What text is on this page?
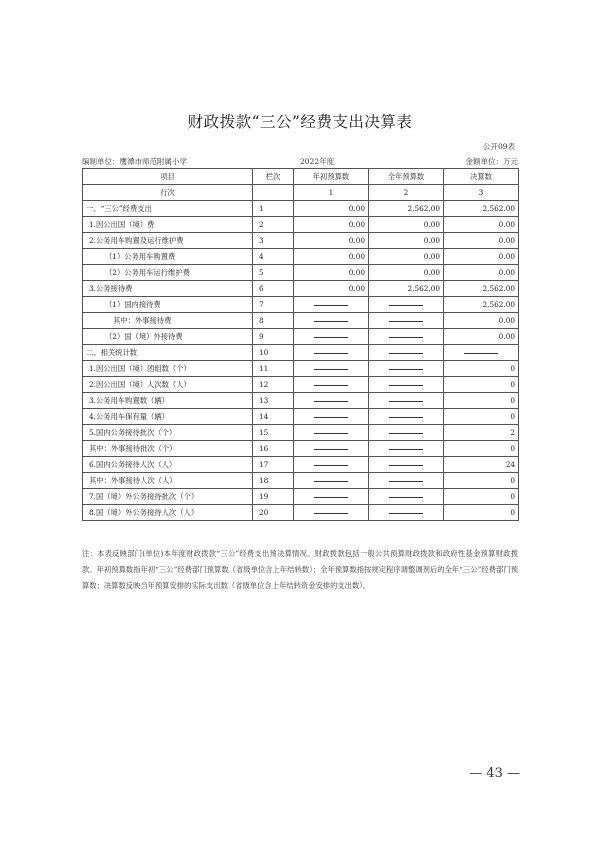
财政拨款“三公”经费支出决算表
公开09表
编制单位：鹰潭市师范附属小学	2022年度	金额单位：万元
项目	栏次	年初预算数	全年预算数	决算数
行次		1	2	3
一、“三公”经费支出	1	0.00	2,562.00	2,562.00
1.因公出国（境）费	2	0.00	0.00	0.00
2.公务用车购置及运行维护费	3	0.00	0.00	0.00
（1）公务用车购置费	4	0.00	0.00	0.00
（2）公务用车运行维护费	5	0.00	0.00	0.00
3.公务接待费	6	0.00	2,562.00	2,562.00
（1）国内接待费	7			2,562.00
其中：外事接待费	8			0.00
（2）国（境）外接待费	9			0.00
二、相关统计数	10			
1.因公出国（境）团组数（个）	11			0
2.因公出国（境）人次数（人）	12			0
3.公务用车购置数（辆）	13			0
4.公务用车保有量（辆）	14			0
5.国内公务接待批次（个）	15			2
其中：外事接待批次（个）	16			0
6.国内公务接待人次（人）	17			24
其中：外事接待人次（人）	18			0
7.国（境）外公务接待批次（个）	19			0
8.国（境）外公务接待人次（人）	20			0
注：本表反映部门(单位)本年度财政拨款“三公”经费支出预决算情况。财政拨款包括一般公共预算财政拨款和政府性基金预算财政拨款。年初预算数指年初“三公”经费部门预算数（省级单位含上年结转数）；全年预算数指按规定程序调整调剂后的全年“三公”经费部门预算数；决算数反映当年预算安排的实际支出数（省级单位含上年结转资金安排的支出数）。
— 43 —
